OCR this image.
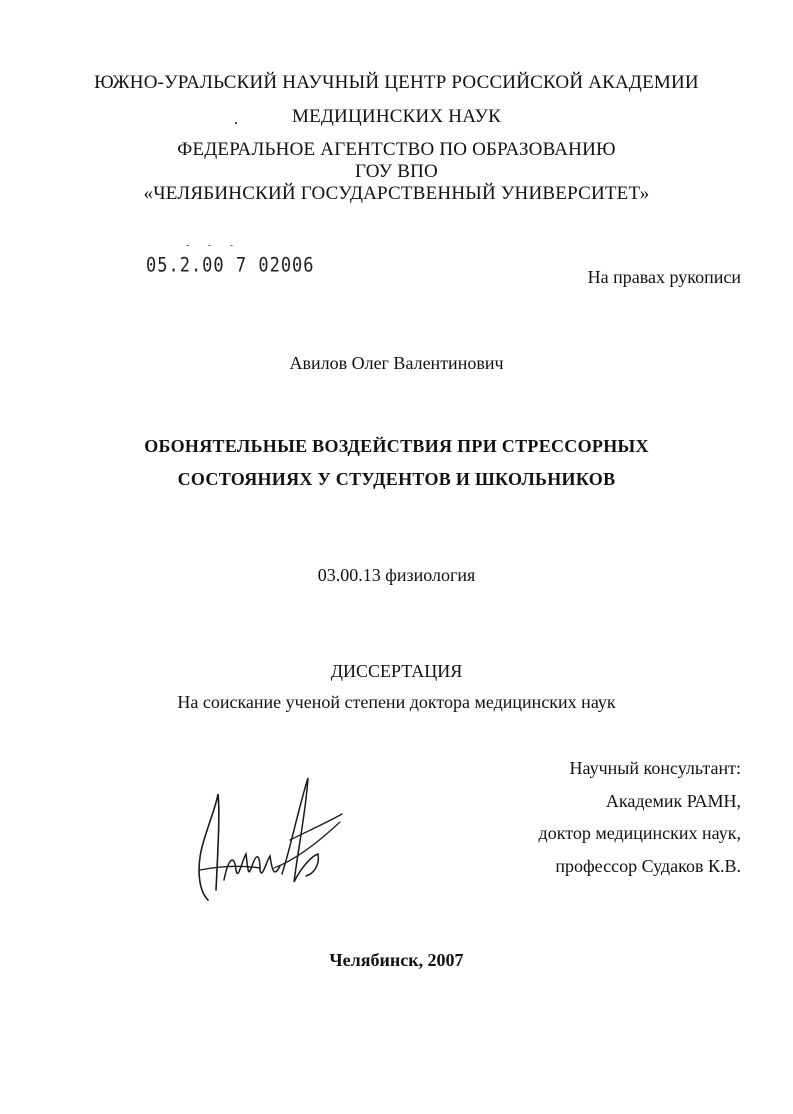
ЮЖНО-УРАЛЬСКИЙ НАУЧНЫЙ ЦЕНТР РОССИЙСКОЙ АКАДЕМИИ
МЕДИЦИНСКИХ НАУК
ФЕДЕРАЛЬНОЕ АГЕНТСТВО ПО ОБРАЗОВАНИЮ
ГОУ ВПО
«ЧЕЛЯБИНСКИЙ ГОСУДАРСТВЕННЫЙ УНИВЕРСИТЕТ»
- - -
05.2.00 7 02006	На правах рукописи
Авилов Олег Валентинович
ОБОНЯТЕЛЬНЫЕ ВОЗДЕЙСТВИЯ ПРИ СТРЕССОРНЫХ
СОСТОЯНИЯХ У СТУДЕНТОВ И ШКОЛЬНИКОВ
03.00.13 физиология
ДИССЕРТАЦИЯ
На соискание ученой степени доктора медицинских наук
Научный консультант:
Академик РАМН,
доктор медицинских наук,
профессор Судаков К.В.
Челябинск, 2007
